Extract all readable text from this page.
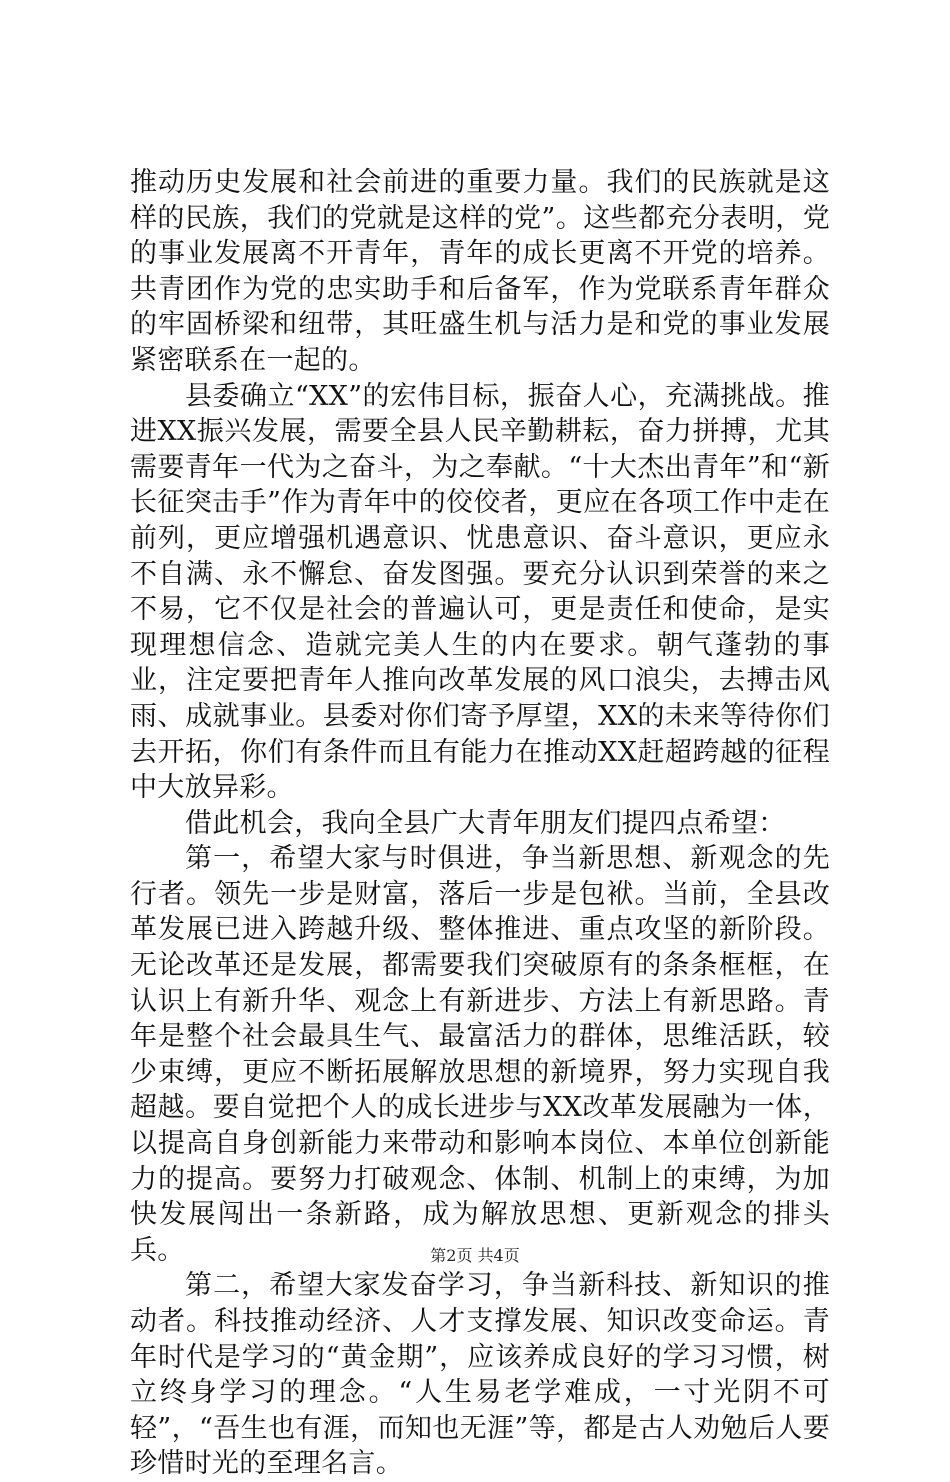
推动历史发展和社会前进的重要力量。我们的民族就是这样的民族，我们的党就是这样的党”。这些都充分表明，党的事业发展离不开青年，青年的成长更离不开党的培养。共青团作为党的忠实助手和后备军，作为党联系青年群众的牢固桥梁和纽带，其旺盛生机与活力是和党的事业发展紧密联系在一起的。

县委确立“XX”的宏伟目标，振奋人心，充满挑战。推进XX振兴发展，需要全县人民辛勤耕耘，奋力拼搏，尤其需要青年一代为之奋斗，为之奉献。“十大杰出青年”和“新长征突击手”作为青年中的佼佼者，更应在各项工作中走在前列，更应增强机遇意识、忧患意识、奋斗意识，更应永不自满、永不懈怠、奋发图强。要充分认识到荣誉的来之不易，它不仅是社会的普遍认可，更是责任和使命，是实现理想信念、造就完美人生的内在要求。朝气蓬勃的事业，注定要把青年人推向改革发展的风口浪尖，去搏击风雨、成就事业。县委对你们寄予厚望，XX的未来等待你们去开拓，你们有条件而且有能力在推动XX赶超跨越的征程中大放异彩。

借此机会，我向全县广大青年朋友们提四点希望：

第一，希望大家与时俱进，争当新思想、新观念的先行者。领先一步是财富，落后一步是包袱。当前，全县改革发展已进入跨越升级、整体推进、重点攻坚的新阶段。无论改革还是发展，都需要我们突破原有的条条框框，在认识上有新升华、观念上有新进步、方法上有新思路。青年是整个社会最具生气、最富活力的群体，思维活跃，较少束缚，更应不断拓展解放思想的新境界，努力实现自我超越。要自觉把个人的成长进步与XX改革发展融为一体，以提高自身创新能力来带动和影响本岗位、本单位创新能力的提高。要努力打破观念、体制、机制上的束缚，为加快发展闯出一条新路，成为解放思想、更新观念的排头兵。

第二，希望大家发奋学习，争当新科技、新知识的推动者。科技推动经济、人才支撑发展、知识改变命运。青年时代是学习的“黄金期”，应该养成良好的学习习惯，树立终身学习的理念。“人生易老学难成，一寸光阴不可轻”，“吾生也有涯，而知也无涯”等，都是古人劝勉后人要珍惜时光的至理名言。

第2页 共4页
